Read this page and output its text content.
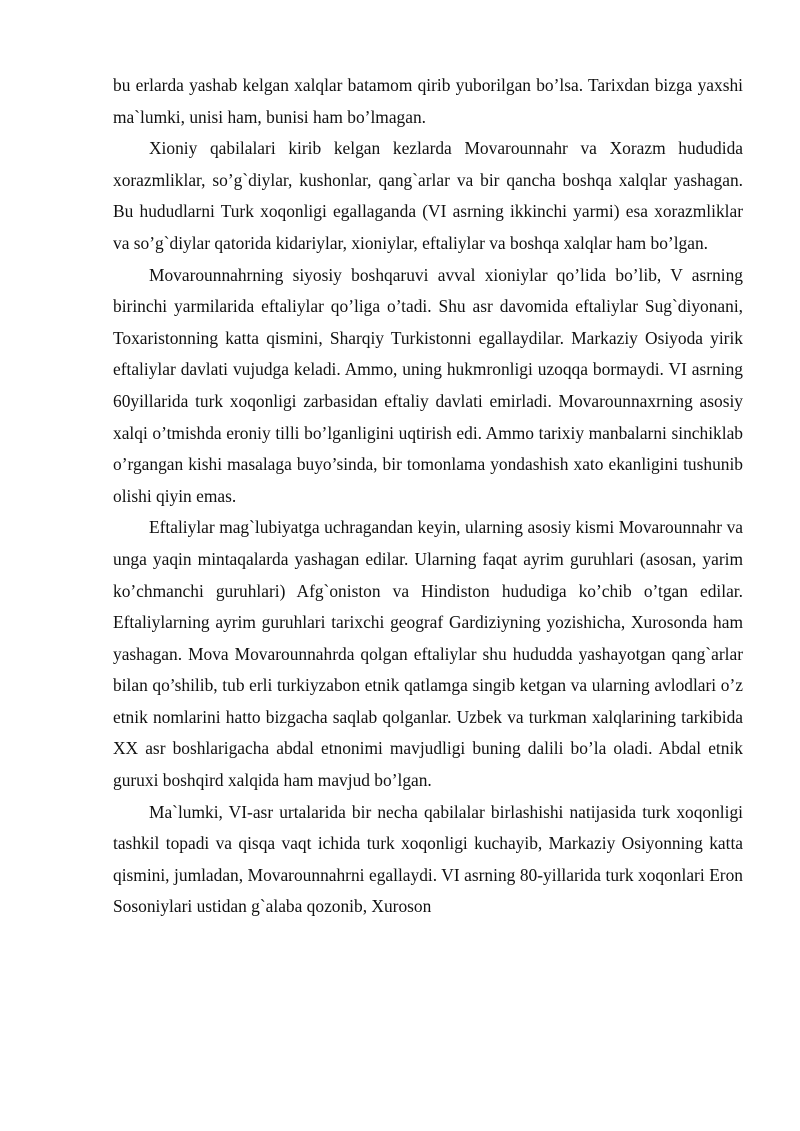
bu erlarda yashab kelgan xalqlar batamom qirib yuborilgan bo’lsa. Tarixdan bizga yaxshi ma`lumki, unisi ham, bunisi ham bo’lmagan.

Xioniy qabilalari kirib kelgan kezlarda Movarounnahr va Xorazm hududida xorazmliklar, so’g`diylar, kushonlar, qang`arlar va bir qancha boshqa xalqlar yashagan. Bu hududlarni Turk xoqonligi egallaganda (VI asrning ikkinchi yarmi) esa xorazmliklar va so’g`diylar qatorida kidariylar, xioniylar, eftaliylar va boshqa xalqlar ham bo’lgan.

Movarounnahrning siyosiy boshqaruvi avval xioniylar qo’lida bo’lib, V asrning birinchi yarmilarida eftaliylar qo’liga o’tadi. Shu asr davomida eftaliylar Sug`diyonani, Toxaristonning katta qismini, Sharqiy Turkistonni egallaydilar. Markaziy Osiyoda yirik eftaliylar davlati vujudga keladi. Ammo, uning hukmronligi uzoqqa bormaydi. VI asrning 60yillarida turk xoqonligi zarbasidan eftaliy davlati emirladi. Movarounnaxrning asosiy xalqi o’tmishda eroniy tilli bo’lganligini uqtirish edi. Ammo tarixiy manbalarni sinchiklab o’rgangan kishi masalaga buyo’sinda, bir tomonlama yondashish xato ekanligini tushunib olishi qiyin emas.

Eftaliylar mag`lubiyatga uchragandan keyin, ularning asosiy kismi Movarounnahr va unga yaqin mintaqalarda yashagan edilar. Ularning faqat ayrim guruhlari (asosan, yarim ko’chmanchi guruhlari) Afg`oniston va Hindiston hududiga ko’chib o’tgan edilar. Eftaliylarning ayrim guruhlari tarixchi geograf Gardiziyning yozishicha, Xurosonda ham yashagan. Mova Movarounnahrda qolgan eftaliylar shu hududda yashayotgan qang`arlar bilan qo’shilib, tub erli turkiyzabon etnik qatlamga singib ketgan va ularning avlodlari o’z etnik nomlarini hatto bizgacha saqlab qolganlar. Uzbek va turkman xalqlarining tarkibida XX asr boshlarigacha abdal etnonimi mavjudligi buning dalili bo’la oladi. Abdal etnik guruxi boshqird xalqida ham mavjud bo’lgan.

Ma`lumki, VI-asr urtalarida bir necha qabilalar birlashishi natijasida turk xoqonligi tashkil topadi va qisqa vaqt ichida turk xoqonligi kuchayib, Markaziy Osiyonning katta qismini, jumladan, Movarounnahrni egallaydi. VI asrning 80-yillarida turk xoqonlari Eron Sosoniylari ustidan g`alaba qozonib, Xuroson
